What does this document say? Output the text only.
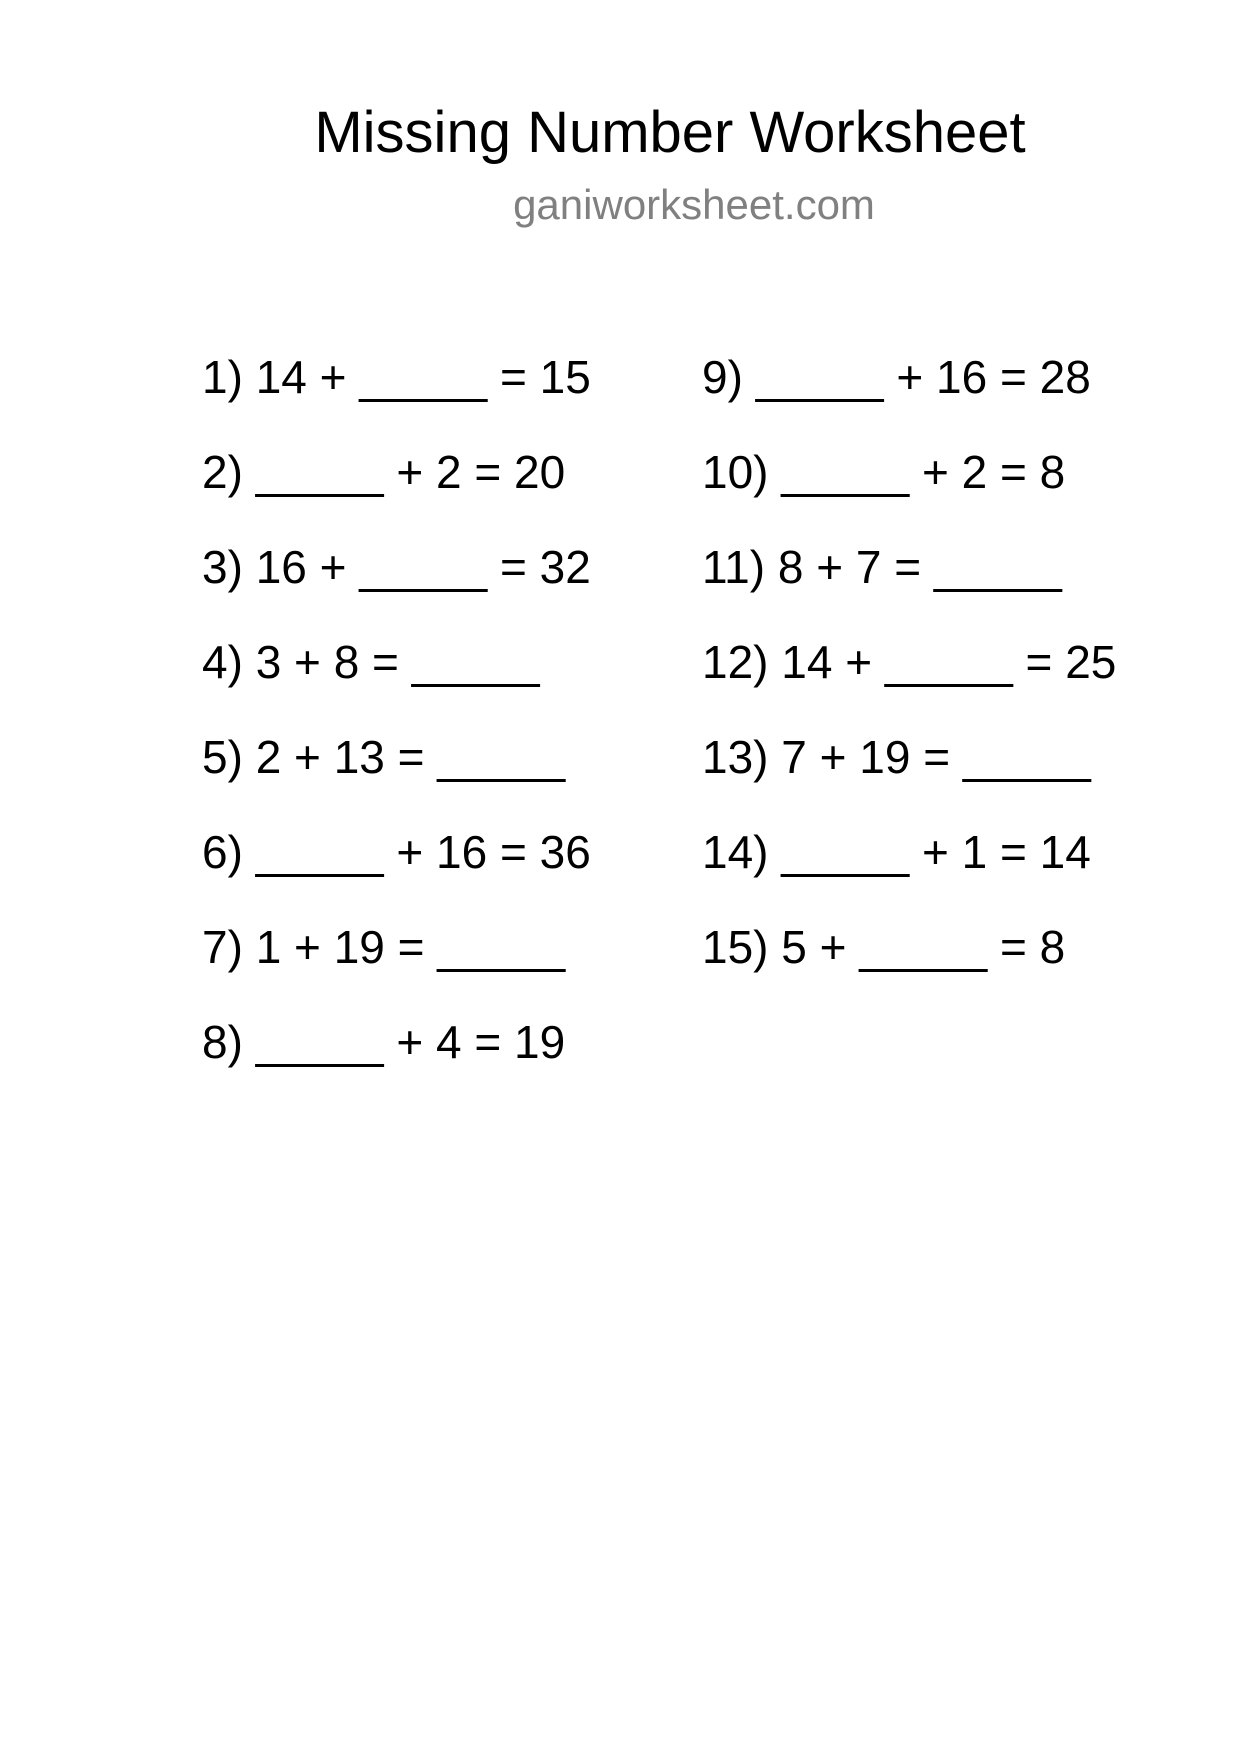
Missing Number Worksheet
ganiworksheet.com
1) 14 + _____ = 15
2) _____ + 2 = 20
3) 16 + _____ = 32
4) 3 + 8 = _____
5) 2 + 13 = _____
6) _____ + 16 = 36
7) 1 + 19 = _____
8) _____ + 4 = 19
9) _____ + 16 = 28
10) _____ + 2 = 8
11) 8 + 7 = _____
12) 14 + _____ = 25
13) 7 + 19 = _____
14) _____ + 1 = 14
15) 5 + _____ = 8
